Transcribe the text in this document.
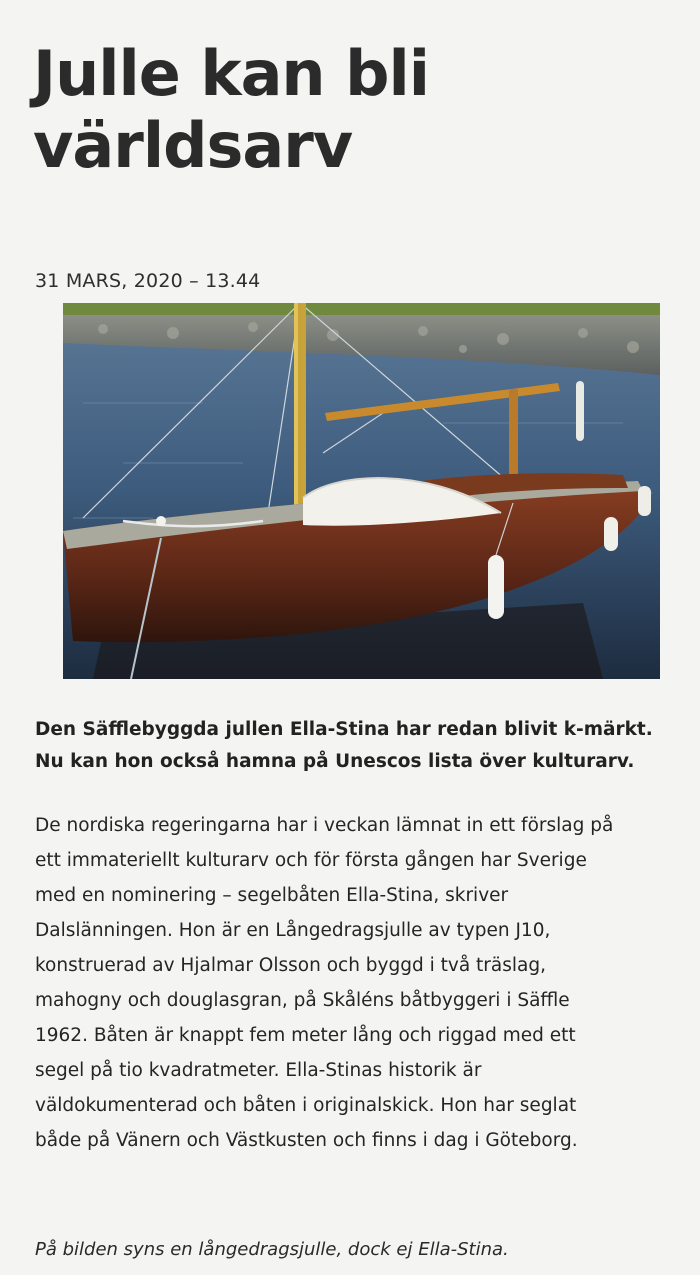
Julle kan bli
världsarv
31 MARS, 2020 – 13.44

Den Säfflebyggda jullen Ella-Stina har redan blivit k-märkt.
Nu kan hon också hamna på Unescos lista över kulturarv.

De nordiska regeringarna har i veckan lämnat in ett förslag på
ett immateriellt kulturarv och för första gången har Sverige
med en nominering – segelbåten Ella-Stina, skriver
Dalslänningen. Hon är en Långedragsjulle av typen J10,
konstruerad av Hjalmar Olsson och byggd i två träslag,
mahogny och douglasgran, på Skåléns båtbyggeri i Säffle
1962. Båten är knappt fem meter lång och riggad med ett
segel på tio kvadratmeter. Ella-Stinas historik är
väldokumenterad och båten i originalskick. Hon har seglat
både på Vänern och Västkusten och finns i dag i Göteborg.

På bilden syns en långedragsjulle, dock ej Ella-Stina.
